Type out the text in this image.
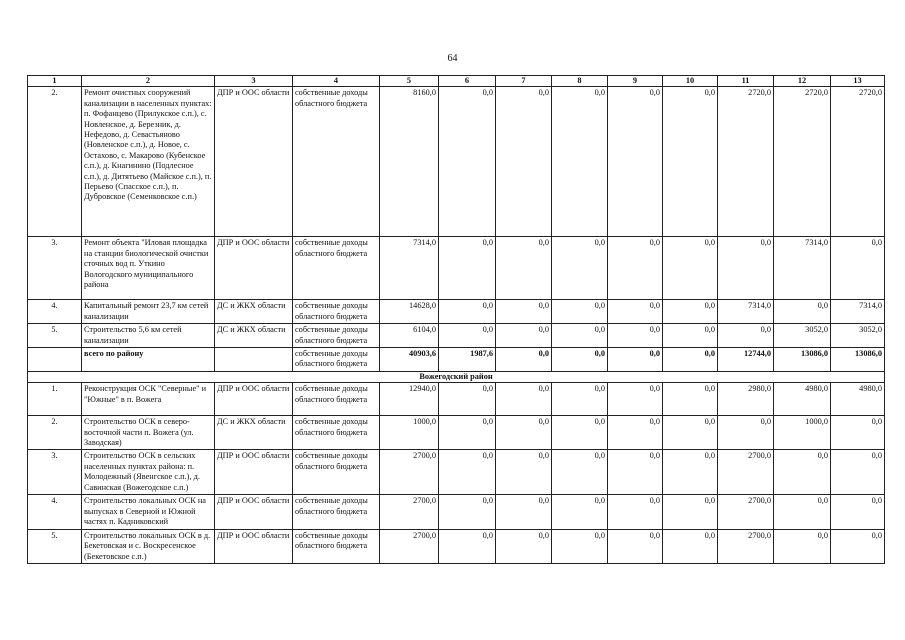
64
1	2	3	4	5	6	7	8	9	10	11	12	13
2.	Ремонт очистных сооружений канализации в населенных пунктах: п. Фофанцево (Прилукское с.п.), с. Новленское, д. Березник, д. Нефедово, д. Севастьяново (Новленское с.п.), д. Новое, с. Остахово, с. Макарово (Кубенское с.п.), д. Кнагинино (Подлесное с.п.), д. Дитятьево (Майское с.п.), п. Перьево (Спасское с.п.), п. Дубровское (Семенковское с.п.)	ДПР и ООС области	собственные доходы областного бюджета	8160,0	0,0	0,0	0,0	0,0	0,0	2720,0	2720,0	2720,0
3.	Ремонт объекта "Иловая площадка на станции биологической очистки сточных вод п. Уткино Вологодского муниципального района	ДПР и ООС области	собственные доходы областного бюджета	7314,0	0,0	0,0	0,0	0,0	0,0	0,0	7314,0	0,0
4.	Капитальный ремонт 23,7 км сетей канализации	ДС и ЖКХ области	собственные доходы областного бюджета	14628,0	0,0	0,0	0,0	0,0	0,0	7314,0	0,0	7314,0
5.	Строительство 5,6 км сетей канализации	ДС и ЖКХ области	собственные доходы областного бюджета	6104,0	0,0	0,0	0,0	0,0	0,0	0,0	3052,0	3052,0
	всего по району		собственные доходы областного бюджета	40903,6	1987,6	0,0	0,0	0,0	0,0	12744,0	13086,0	13086,0
Вожегодский район												
1.	Реконструкция ОСК "Северные" и "Южные" в п. Вожега	ДПР и ООС области	собственные доходы областного бюджета	12940,0	0,0	0,0	0,0	0,0	0,0	2980,0	4980,0	4980,0
2.	Строительство ОСК в северо-восточной части п. Вожега (ул. Заводская)	ДС и ЖКХ области	собственные доходы областного бюджета	1000,0	0,0	0,0	0,0	0,0	0,0	0,0	1000,0	0,0
3.	Строительство ОСК в сельских населенных пунктах района: п. Молодежный (Явенгское с.п.), д. Савинская (Вожегодское с.п.)	ДПР и ООС области	собственные доходы областного бюджета	2700,0	0,0	0,0	0,0	0,0	0,0	2700,0	0,0	0,0
4.	Строительство локальных ОСК на выпусках в Северной и Южной частях п. Кадниковский	ДПР и ООС области	собственные доходы областного бюджета	2700,0	0,0	0,0	0,0	0,0	0,0	2700,0	0,0	0,0
5.	Строительство локальных ОСК в д. Бекетовская и с. Воскресенское (Бекетовское с.п.)	ДПР и ООС области	собственные доходы областного бюджета	2700,0	0,0	0,0	0,0	0,0	0,0	2700,0	0,0	0,0
